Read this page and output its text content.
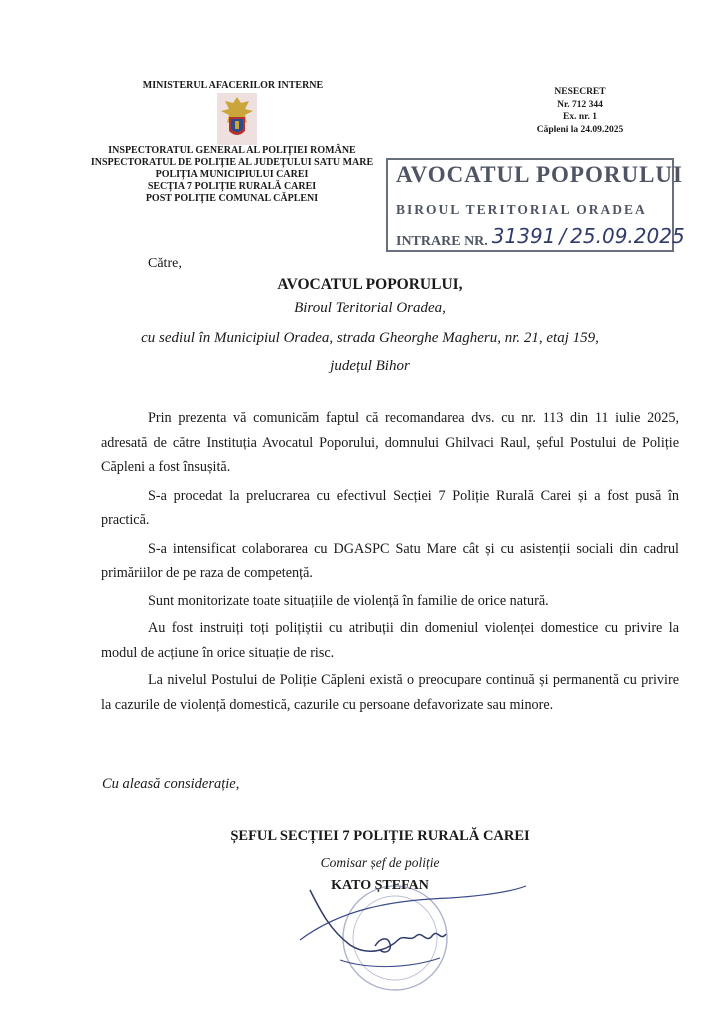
MINISTERUL AFACERILOR INTERNE
INSPECTORATUL GENERAL AL POLIȚIEI ROMÂNE
INSPECTORATUL DE POLIȚIE AL JUDEȚULUI SATU MARE
POLIȚIA MUNICIPIULUI CAREI
SECȚIA 7 POLIȚIE RURALĂ CAREI
POST POLIȚIE COMUNAL CĂPLENI
NESECRET
Nr. 712 344
Ex. nr. 1
Căpleni la 24.09.2025
AVOCATUL POPORULUI
BIROUL TERITORIAL ORADEA
INTRARE NR. 31391 / 25.09.2025
Către,
AVOCATUL POPORULUI,
Biroul Teritorial Oradea,
cu sediul în Municipiul Oradea, strada Gheorghe Magheru, nr. 21, etaj 159,
județul Bihor

Prin prezenta vă comunicăm faptul că recomandarea dvs. cu nr. 113 din 11 iulie 2025, adresată de către Instituția Avocatul Poporului, domnului Ghilvaci Raul, șeful Postului de Poliție Căpleni a fost însușită.

S-a procedat la prelucrarea cu efectivul Secției 7 Poliție Rurală Carei și a fost pusă în practică.

S-a intensificat colaborarea cu DGASPC Satu Mare cât și cu asistenții sociali din cadrul primăriilor de pe raza de competență.

Sunt monitorizate toate situațiile de violență în familie de orice natură.

Au fost instruiți toți polițiștii cu atribuții din domeniul violenței domestice cu privire la modul de acțiune în orice situație de risc.

La nivelul Postului de Poliție Căpleni există o preocupare continuă și permanentă cu privire la cazurile de violență domestică, cazurile cu persoane defavorizate sau minore.

Cu aleasă considerație,
ȘEFUL SECȚIEI 7 POLIȚIE RURALĂ CAREI
Comisar șef de poliție
KATO ȘTEFAN
